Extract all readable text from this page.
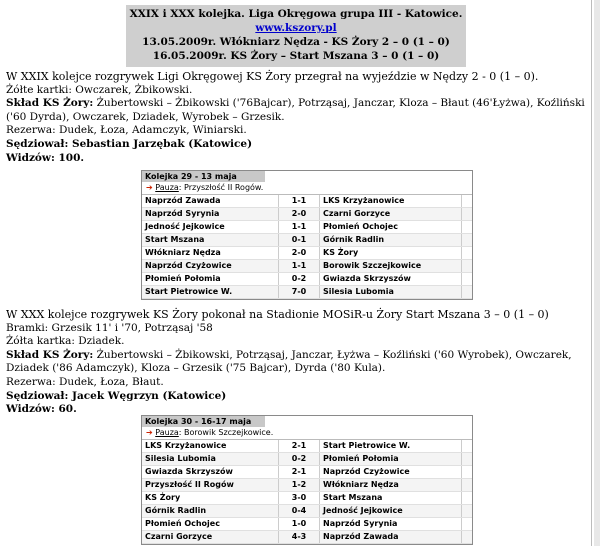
XXIX i XXX kolejka. Liga Okręgowa grupa III - Katowice.
www.kszory.pl
13.05.2009r. Włókniarz Nędza - KS Żory 2 – 0 (1 – 0)
16.05.2009r. KS Żory – Start Mszana 3 – 0 (1 – 0)
W XXIX kolejce rozgrywek Ligi Okręgowej KS Żory przegrał na wyjeździe w Nędzy 2 - 0 (1 – 0).
Żółte kartki: Owczarek, Żbikowski.
Skład KS Żory: Żubertowski – Żbikowski ('76Bajcar), Potrząsaj, Janczar, Kloza – Błaut (46'Łyżwa), Koźliński ('60 Dyrda), Owczarek, Dziadek, Wyrobek – Grzesik.
Rezerwa: Dudek, Łoza, Adamczyk, Winiarski.
Sędziował: Sebastian Jarzębak (Katowice)
Widzów: 100.
Kolejka 29 - 13 maja
➔ Pauza: Przyszłość II Rogów.
Naprzód Zawada	1-1	LKS Krzyżanowice
Naprzód Syrynia	2-0	Czarni Gorzyce
Jedność Jejkowice	1-1	Płomień Ochojec
Start Mszana	0-1	Górnik Radlin
Włókniarz Nędza	2-0	KS Żory
Naprzód Czyżowice	1-1	Borowik Szczejkowice
Płomień Połomia	0-2	Gwiazda Skrzyszów
Start Pietrowice W.	7-0	Silesia Lubomia
W XXX kolejce rozgrywek KS Żory pokonał na Stadionie MOSiR-u Żory Start Mszana 3 – 0 (1 – 0)
Bramki: Grzesik 11' i '70, Potrząsaj '58
Żółta kartka: Dziadek.
Skład KS Żory: Żubertowski – Żbikowski, Potrząsaj, Janczar, Łyżwa – Koźliński ('60 Wyrobek), Owczarek, Dziadek ('86 Adamczyk), Kloza – Grzesik ('75 Bajcar), Dyrda ('80 Kula).
Rezerwa: Dudek, Łoza, Błaut.
Sędziował: Jacek Węgrzyn (Katowice)
Widzów: 60.
Kolejka 30 - 16-17 maja
➔ Pauza: Borowik Szczejkowice.
LKS Krzyżanowice	2-1	Start Pietrowice W.
Silesia Lubomia	0-2	Płomień Połomia
Gwiazda Skrzyszów	2-1	Naprzód Czyżowice
Przyszłość II Rogów	1-2	Włókniarz Nędza
KS Żory	3-0	Start Mszana
Górnik Radlin	0-4	Jedność Jejkowice
Płomień Ochojec	1-0	Naprzód Syrynia
Czarni Gorzyce	4-3	Naprzód Zawada
